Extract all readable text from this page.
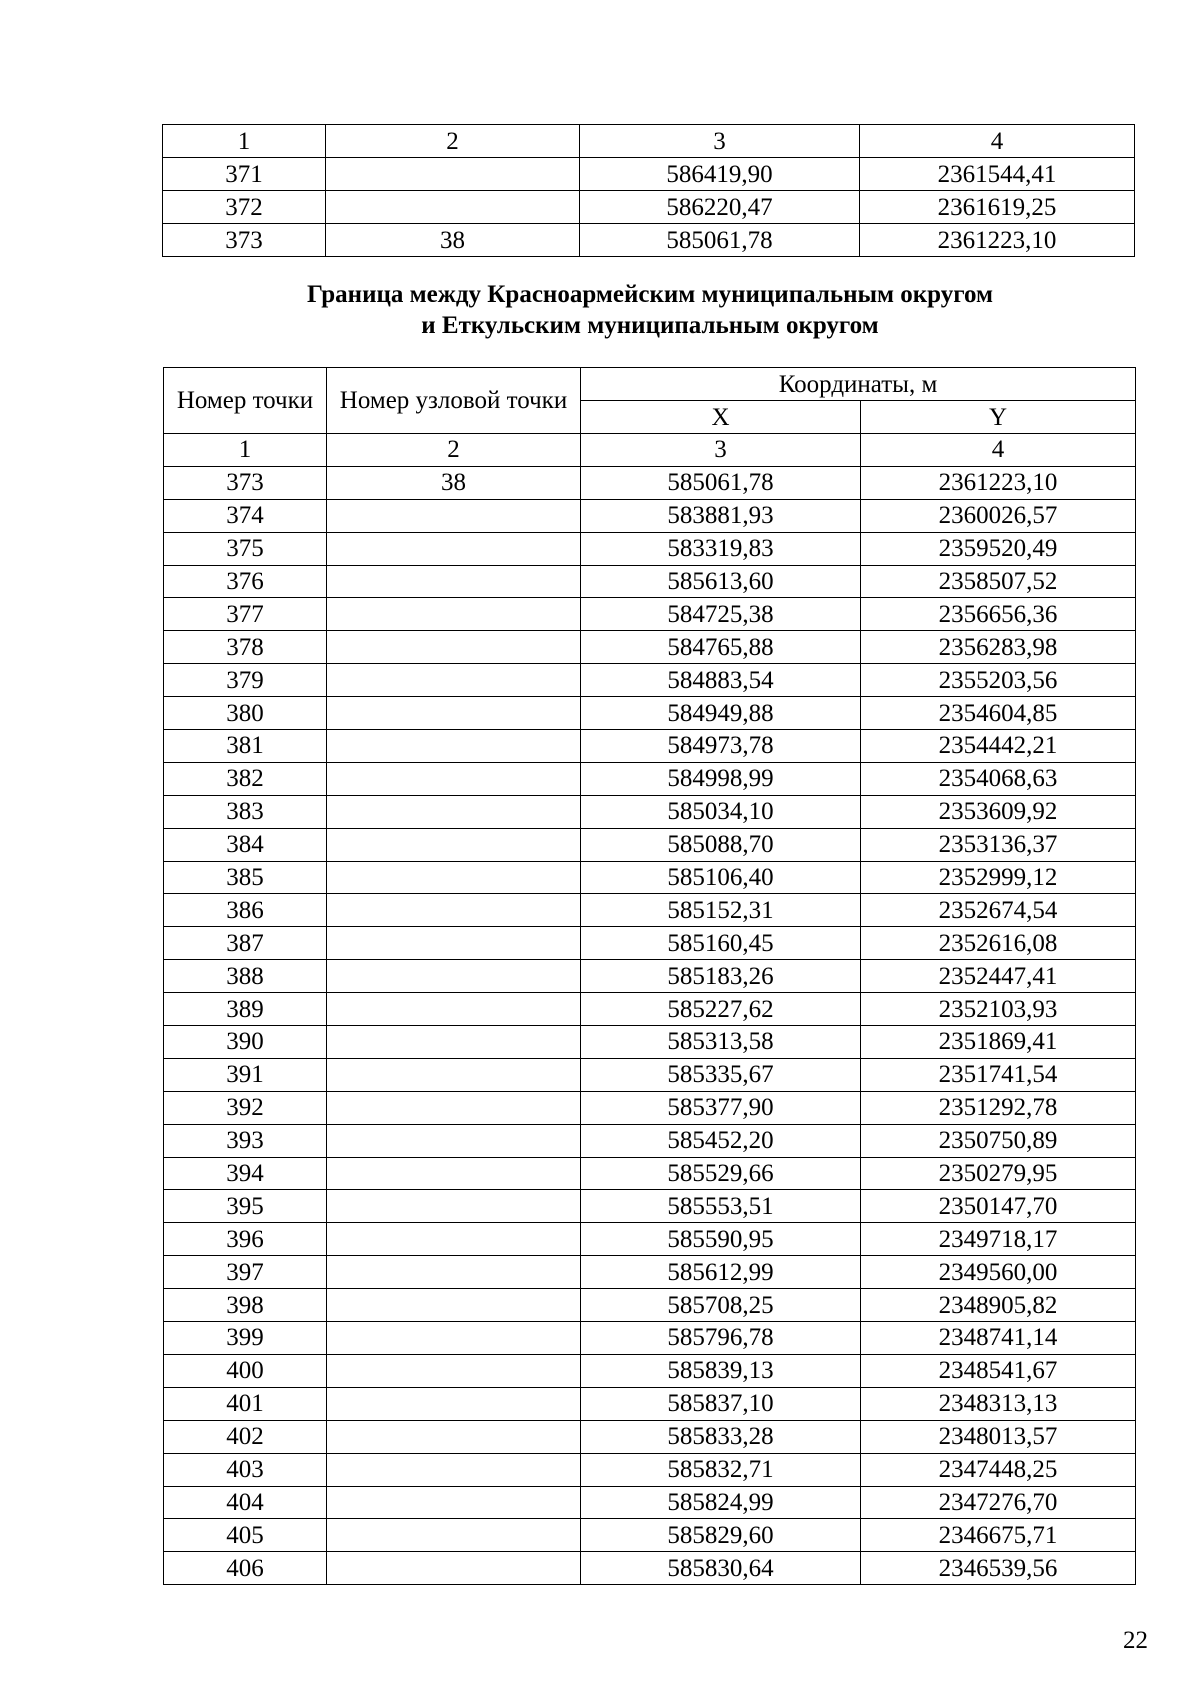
1	2	3	4
371		586419,90	2361544,41
372		586220,47	2361619,25
373	38	585061,78	2361223,10
Граница между Красноармейским муниципальным округом
и Еткульским муниципальным округом
Номер точки	Номер узловой точки	Координаты, м	
		X	Y
1	2	3	4
373	38	585061,78	2361223,10
374		583881,93	2360026,57
375		583319,83	2359520,49
376		585613,60	2358507,52
377		584725,38	2356656,36
378		584765,88	2356283,98
379		584883,54	2355203,56
380		584949,88	2354604,85
381		584973,78	2354442,21
382		584998,99	2354068,63
383		585034,10	2353609,92
384		585088,70	2353136,37
385		585106,40	2352999,12
386		585152,31	2352674,54
387		585160,45	2352616,08
388		585183,26	2352447,41
389		585227,62	2352103,93
390		585313,58	2351869,41
391		585335,67	2351741,54
392		585377,90	2351292,78
393		585452,20	2350750,89
394		585529,66	2350279,95
395		585553,51	2350147,70
396		585590,95	2349718,17
397		585612,99	2349560,00
398		585708,25	2348905,82
399		585796,78	2348741,14
400		585839,13	2348541,67
401		585837,10	2348313,13
402		585833,28	2348013,57
403		585832,71	2347448,25
404		585824,99	2347276,70
405		585829,60	2346675,71
406		585830,64	2346539,56
22
